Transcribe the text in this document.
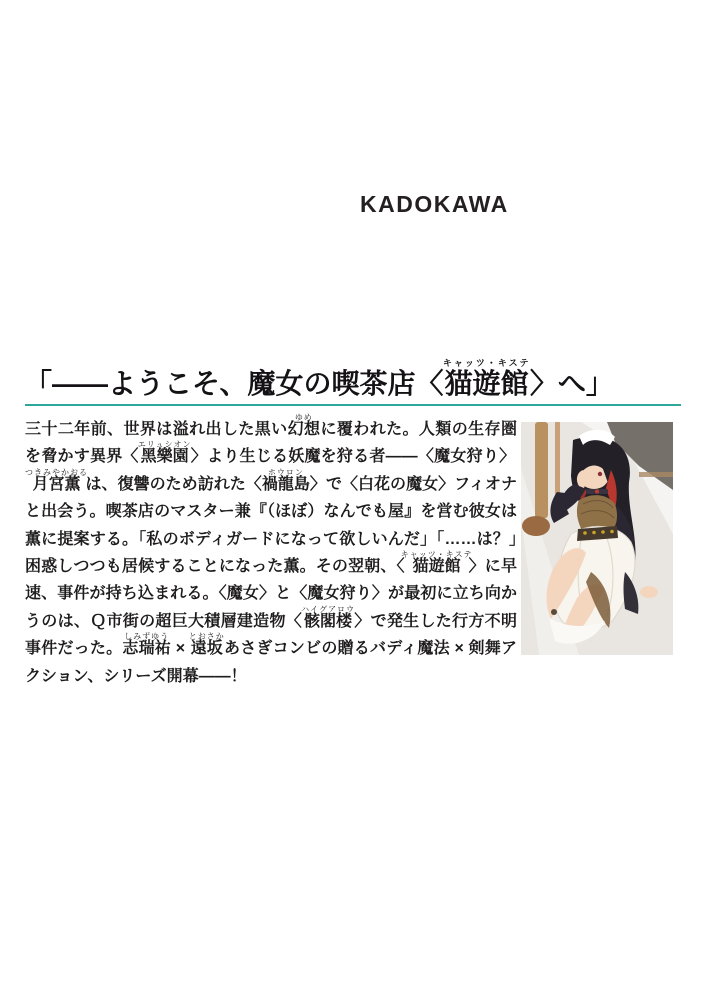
KADOKAWA
「――ようこそ、魔女の喫茶店〈猫遊館キャッツ・キステ〉へ」

三十二年前、世界は溢れ出した黒い幻想ゆめに覆われた。人類の生存圏を脅かす異界〈黑樂園エリュシオン〉より生じる妖魔を狩る者――〈魔女狩り〉月宮薫つきみやかおるは、復讐のため訪れた〈禍龍島ホウロン〉で〈白花の魔女〉フィオナと出会う。喫茶店のマスター兼『（ほぼ）なんでも屋』を営む彼女は薫に提案する。「私のボディガードになって欲しいんだ」「……は？」困惑しつつも居候することになった薫。その翌朝、〈猫遊館キャッツ・キステ〉に早速、事件が持ち込まれる。〈魔女〉と〈魔女狩り〉が最初に立ち向かうのは、Ｑ市街の超巨大積層建造物〈骸閣楼ハイグアロウ〉で発生した行方不明事件だった。志瑞祐しみずゆう × 遠坂とおさかあさぎコンビの贈るバディ魔法 × 剣舞アクション、シリーズ開幕――！
